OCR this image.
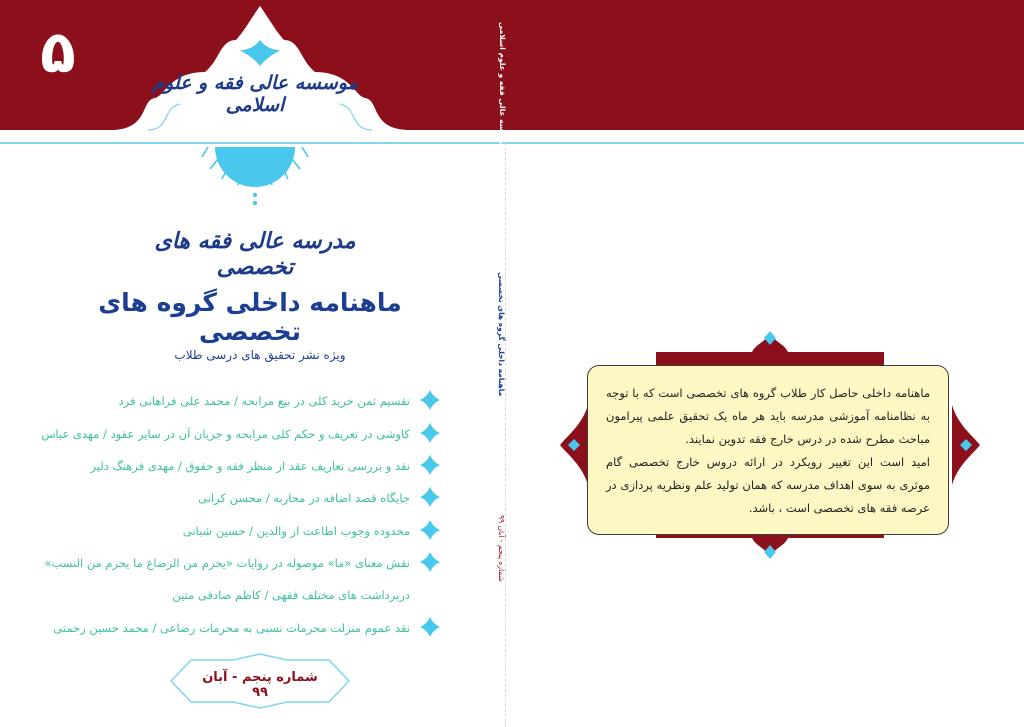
۵	موسسه عالی فقه و علوم اسلامی
مدرسه عالی فقه های تخصصی
ماهنامه داخلی گروه های تخصصی
ویژه نشر تحقیق های درسی طلاب
تقسیم ثمن خرید کلی در بیع مرابحه / محمد علی فراهانی فرد
کاوشی در تعریف و حکم کلی مرابحه و جریان آن در سایر عقود / مهدی عباس
نقد و بررسی تعاریف عقد از منظر فقه و حقوق / مهدی فرهنگ دلیر
جایگاه قصد اضافه در محاربه / محسن کرانی
محدوده وجوب اطاعت از والدین / حسین شبانی
نقش معنای «ما» موصوله در روایات «یحرم من الرضاع ما یحرم من النسب»
دربرداشت های مختلف فقهی / کاظم صادقی متین
نقد عموم منزلت محرمات نسبی به محرمات رضاعی / محمد حسین رحمتی
شماره پنجم - آبان ۹۹
موسسه عالی فقه و علوم اسلامی
ماهنامه داخلی گروه های تخصصی
شماره پنجم - آبان ۹۹

ماهنامه داخلی حاصل کار طلاب گروه های تخصصی است که با توجه به نظامنامه آموزشی مدرسه باید هر ماه یک تحقیق علمی پیرامون مباحث مطرح شده در درس خارج فقه تدوین نمایند.

امید است این تغییر رویکرد در ارائه دروس خارج تخصصی گام موثری به سوی اهداف مدرسه که همان تولید علم ونظریه پردازی در عرصه فقه های تخصصی است ، باشد.
